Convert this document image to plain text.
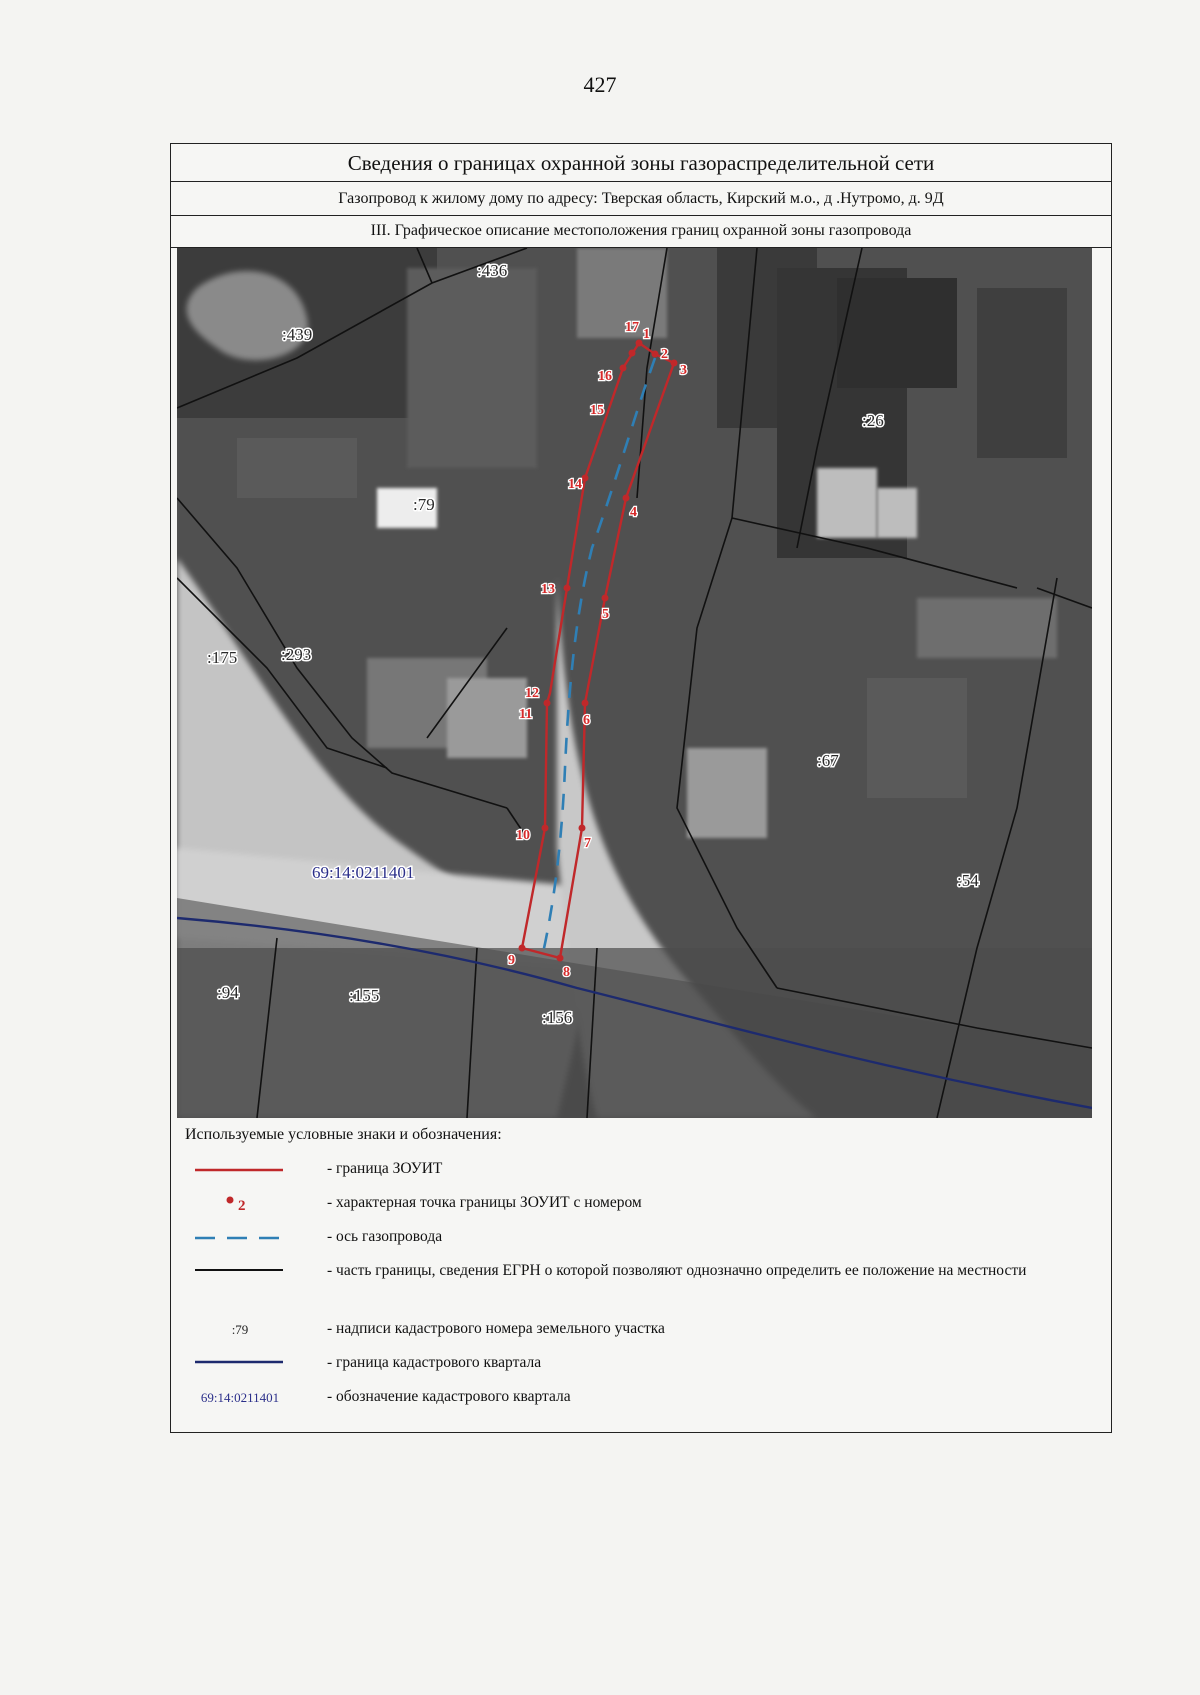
427
Сведения о границах охранной зоны газораспределительной сети
Газопровод к жилому дому по адресу: Тверская область, Кирский м.о., д .Нутромо, д. 9Д
III. Графическое описание местоположения границ охранной зоны газопровода
1
2
3
4
5
6
7
8
9
10
11
12
13
14
15
16
17
:436
:439
:26
:79
:175	:293
:67
:54
:94	:155
:156
69:14:0211401
Используемые условные знаки и обозначения:
- граница ЗОУИТ
2	- характерная точка границы ЗОУИТ с номером
- ось газопровода
- часть границы, сведения ЕГРН о которой позволяют однозначно определить ее положение на местности
:79	- надписи кадастрового номера земельного участка
- граница кадастрового квартала
69:14:0211401	- обозначение кадастрового квартала
